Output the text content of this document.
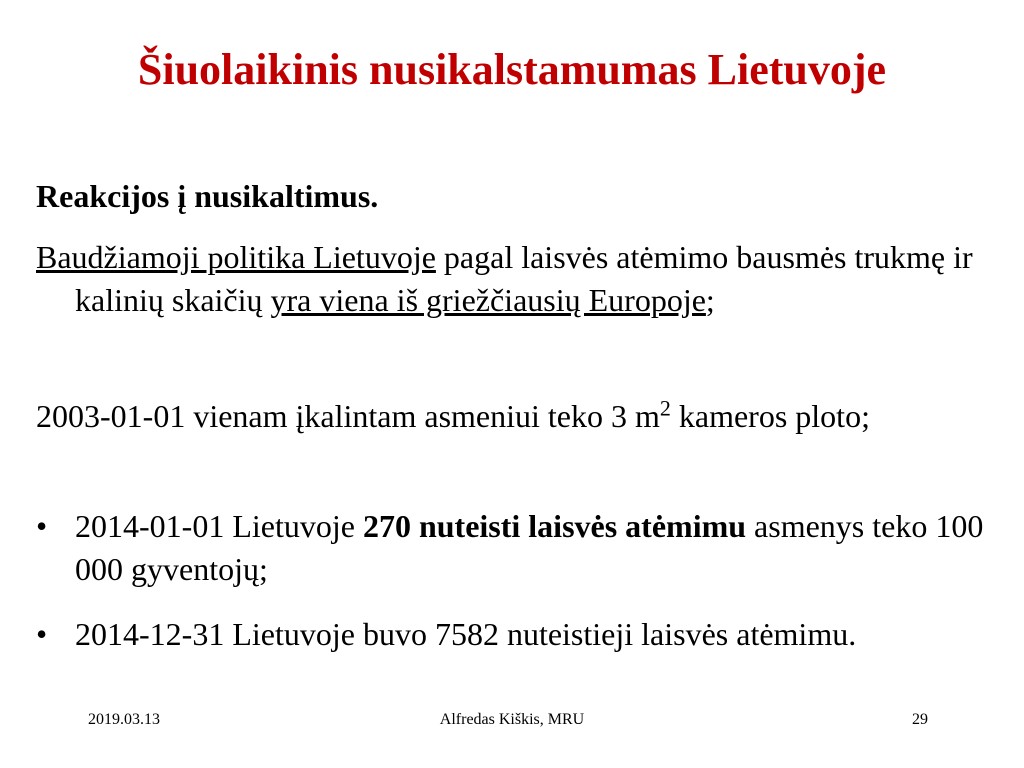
Šiuolaikinis nusikalstamumas Lietuvoje

Reakcijos į nusikaltimus.

Baudžiamoji politika Lietuvoje pagal laisvės atėmimo bausmės trukmę ir kalinių skaičių yra viena iš griežčiausių Europoje;

2003-01-01 vienam įkalintam asmeniui teko 3 $m^2$ kameros ploto;

• 2014-01-01 Lietuvoje 270 nuteisti laisvės atėmimu asmenys teko 100 000 gyventojų;

• 2014-12-31 Lietuvoje buvo 7582 nuteistieji laisvės atėmimu.

2019.03.13	Alfredas Kiškis, MRU	29
